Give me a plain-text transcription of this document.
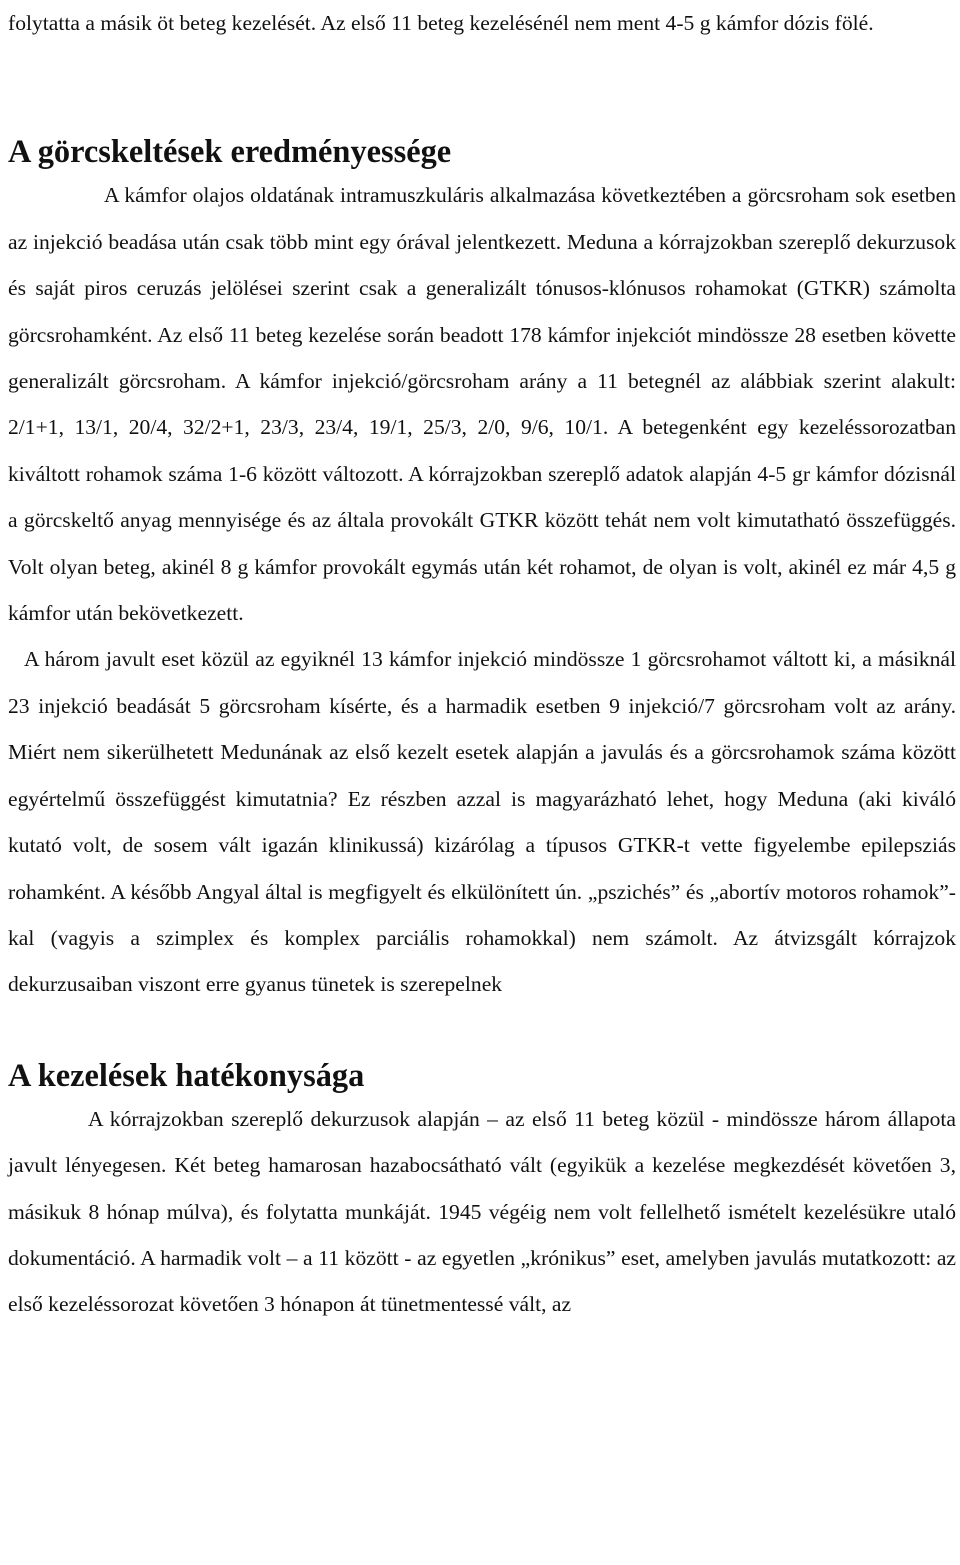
folytatta a másik öt beteg kezelését. Az első 11 beteg kezelésénél nem ment 4-5 g kámfor dózis fölé.

A görcskeltések eredményessége

A kámfor olajos oldatának intramuszkuláris alkalmazása következtében a görcsroham sok esetben az injekció beadása után csak több mint egy órával jelentkezett. Meduna a kórrajzokban szereplő dekurzusok és saját piros ceruzás jelölései szerint csak a generalizált tónusos-klónusos rohamokat (GTKR) számolta görcsrohamként. Az első 11 beteg kezelése során beadott 178 kámfor injekciót mindössze 28 esetben követte generalizált görcsroham. A kámfor injekció/görcsroham arány a 11 betegnél az alábbiak szerint alakult: 2/1+1, 13/1, 20/4, 32/2+1, 23/3, 23/4, 19/1, 25/3, 2/0, 9/6, 10/1. A betegenként egy kezeléssorozatban kiváltott rohamok száma 1-6 között változott. A kórrajzokban szereplő adatok alapján 4-5 gr kámfor dózisnál a görcskeltő anyag mennyisége és az általa provokált GTKR között tehát nem volt kimutatható összefüggés. Volt olyan beteg, akinél 8 g kámfor provokált egymás után két rohamot, de olyan is volt, akinél ez már 4,5 g kámfor után bekövetkezett.

A három javult eset közül az egyiknél 13 kámfor injekció mindössze 1 görcsrohamot váltott ki, a másiknál 23 injekció beadását 5 görcsroham kísérte, és a harmadik esetben 9 injekció/7 görcsroham volt az arány. Miért nem sikerülhetett Medunának az első kezelt esetek alapján a javulás és a görcsrohamok száma között egyértelmű összefüggést kimutatnia? Ez részben azzal is magyarázható lehet, hogy Meduna (aki kiváló kutató volt, de sosem vált igazán klinikussá) kizárólag a típusos GTKR-t vette figyelembe epilepsziás rohamként. A később Angyal által is megfigyelt és elkülönített ún. „pszichés” és „abortív motoros rohamok”-kal (vagyis a szimplex és komplex parciális rohamokkal) nem számolt. Az átvizsgált kórrajzok dekurzusaiban viszont erre gyanus tünetek is szerepelnek

A kezelések hatékonysága

A kórrajzokban szereplő dekurzusok alapján – az első 11 beteg közül - mindössze három állapota javult lényegesen. Két beteg hamarosan hazabocsátható vált (egyikük a kezelése megkezdését követően 3, másikuk 8 hónap múlva), és folytatta munkáját. 1945 végéig nem volt fellelhető ismételt kezelésükre utaló dokumentáció. A harmadik volt – a 11 között - az egyetlen „krónikus” eset, amelyben javulás mutatkozott: az első kezeléssorozat követően 3 hónapon át tünetmentessé vált, az
